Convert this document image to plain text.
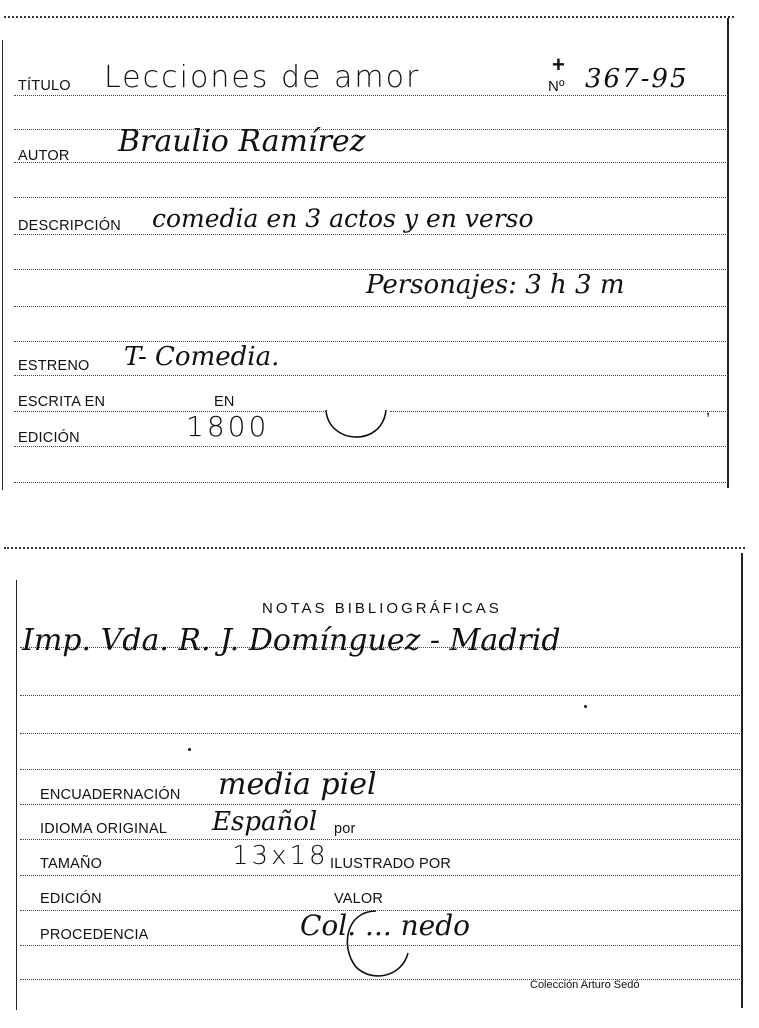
TÍTULO
AUTOR
DESCRIPCIÓN
ESTRENO
ESCRITA EN
EDICIÓN
EN
Nº
+ 367-95
Lecciones de amor
Braulio Ramírez
comedia en 3 actos y en verso
Personajes: 3 h 3 m
T- Comedia.
1800	ʼ
NOTAS BIBLIOGRÁFICAS
Imp. Vda. R. J. Domínguez - Madrid
ENCUADERNACIÓN
IDIOMA ORIGINAL
TAMAÑO
EDICIÓN
PROCEDENCIA
por
ILUSTRADO POR
VALOR
media piel
Español
13x18
Col. ... nedo
Colección Arturo Sedó
